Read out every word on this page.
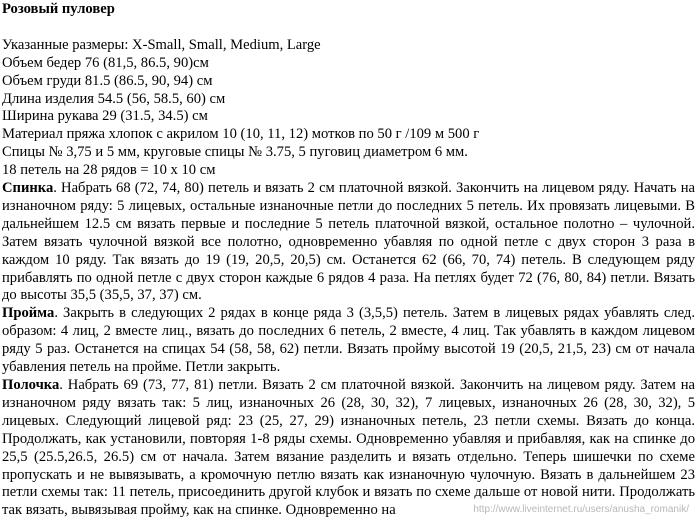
Розовый пуловер
Указанные размеры: X-Small, Small, Medium, Large
Объем бедер 76 (81,5, 86.5, 90)см
Объем груди 81.5 (86.5, 90, 94) см
Длина изделия 54.5 (56, 58.5, 60) см
Ширина рукава 29 (31.5, 34.5) см
Материал пряжа хлопок с акрилом 10 (10, 11, 12) мотков по 50 г /109 м 500 г
Спицы № 3,75 и 5 мм, круговые спицы № 3.75, 5 пуговиц диаметром 6 мм.
18 петель на 28 рядов = 10 х 10 см
Спинка. Набрать 68 (72, 74, 80) петель и вязать 2 см платочной вязкой. Закончить на лицевом ряду. Начать на изнаночном ряду: 5 лицевых, остальные изнаночные петли до последних 5 петель. Их провязать лицевыми. В дальнейшем 12.5 см вязать первые и последние 5 петель платочной вязкой, остальное полотно – чулочной. Затем вязать чулочной вязкой все полотно, одновременно убавляя по одной петле с двух сторон 3 раза в каждом 10 ряду. Так вязать до 19 (19, 20,5, 20,5) см. Останется 62 (66, 70, 74) петель. В следующем ряду прибавлять по одной петле с двух сторон каждые 6 рядов 4 раза. На петлях будет 72 (76, 80, 84) петли. Вязать до высоты 35,5 (35,5, 37, 37) см.
Пройма. Закрыть в следующих 2 рядах в конце ряда 3 (3,5,5) петель. Затем в лицевых рядах убавлять след. образом: 4 лиц, 2 вместе лиц., вязать до последних 6 петель, 2 вместе, 4 лиц. Так убавлять в каждом лицевом ряду 5 раз. Останется на спицах 54 (58, 58, 62) петли. Вязать пройму высотой 19 (20,5, 21,5, 23) см от начала убавления петель на пройме. Петли закрыть.
Полочка. Набрать 69 (73, 77, 81) петли. Вязать 2 см платочной вязкой. Закончить на лицевом ряду. Затем на изнаночном ряду вязать так: 5 лиц, изнаночных 26 (28, 30, 32), 7 лицевых, изнаночных 26 (28, 30, 32), 5 лицевых. Следующий лицевой ряд: 23 (25, 27, 29) изнаночных петель, 23 петли схемы. Вязать до конца. Продолжать, как установили, повторяя 1-8 ряды схемы. Одновременно убавляя и прибавляя, как на спинке до 25,5 (25.5,26.5, 26.5) см от начала. Затем вязание разделить и вязать отдельно. Теперь шишечки по схеме пропускать и не вывязывать, а кромочную петлю вязать как изнаночную чулочную. Вязать в дальнейшем 23 петли схемы так: 11 петель, присоединить другой клубок и вязать по схеме дальше от новой нити. Продолжать так вязать, вывязывая пройму, как на спинке. Одновременно на	http://www.liveinternet.ru/users/anusha_romanik/
